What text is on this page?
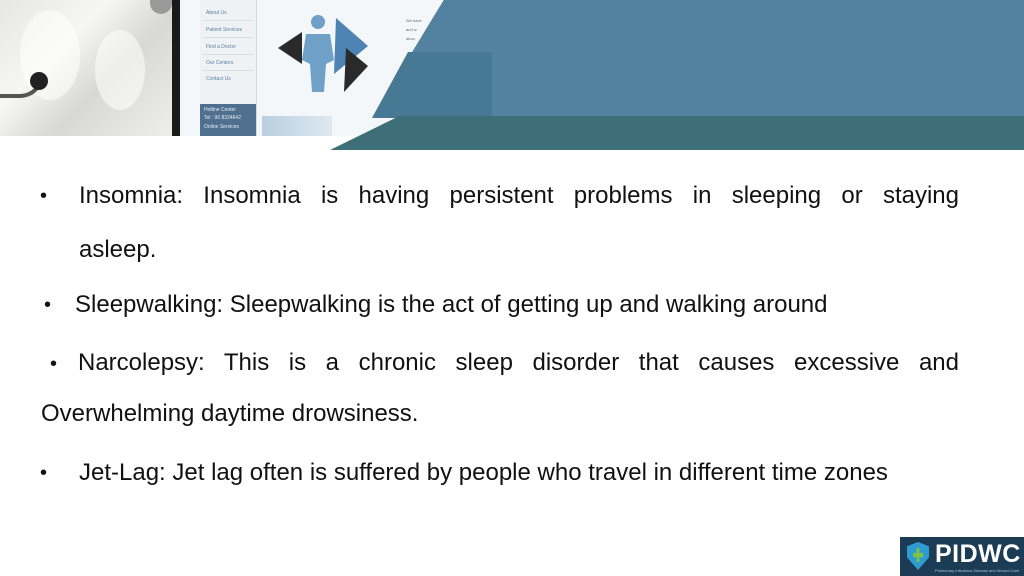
About Us
Patient Services
Find a Doctor
Our Centers
Contact Us
Hotline Center
Tel : 90 8324642
Online Services
We have
and w
abou
• Insomnia: Insomnia is having persistent problems in sleeping or staying
asleep.
• Sleepwalking: Sleepwalking is the act of getting up and walking around
• Narcolepsy: This is a chronic sleep disorder that causes excessive and
Overwhelming daytime drowsiness.
• Jet-Lag: Jet lag often is suffered by people who travel in different time zones
PIDWC
Pulmonary Infectious Disease and Wound Care
